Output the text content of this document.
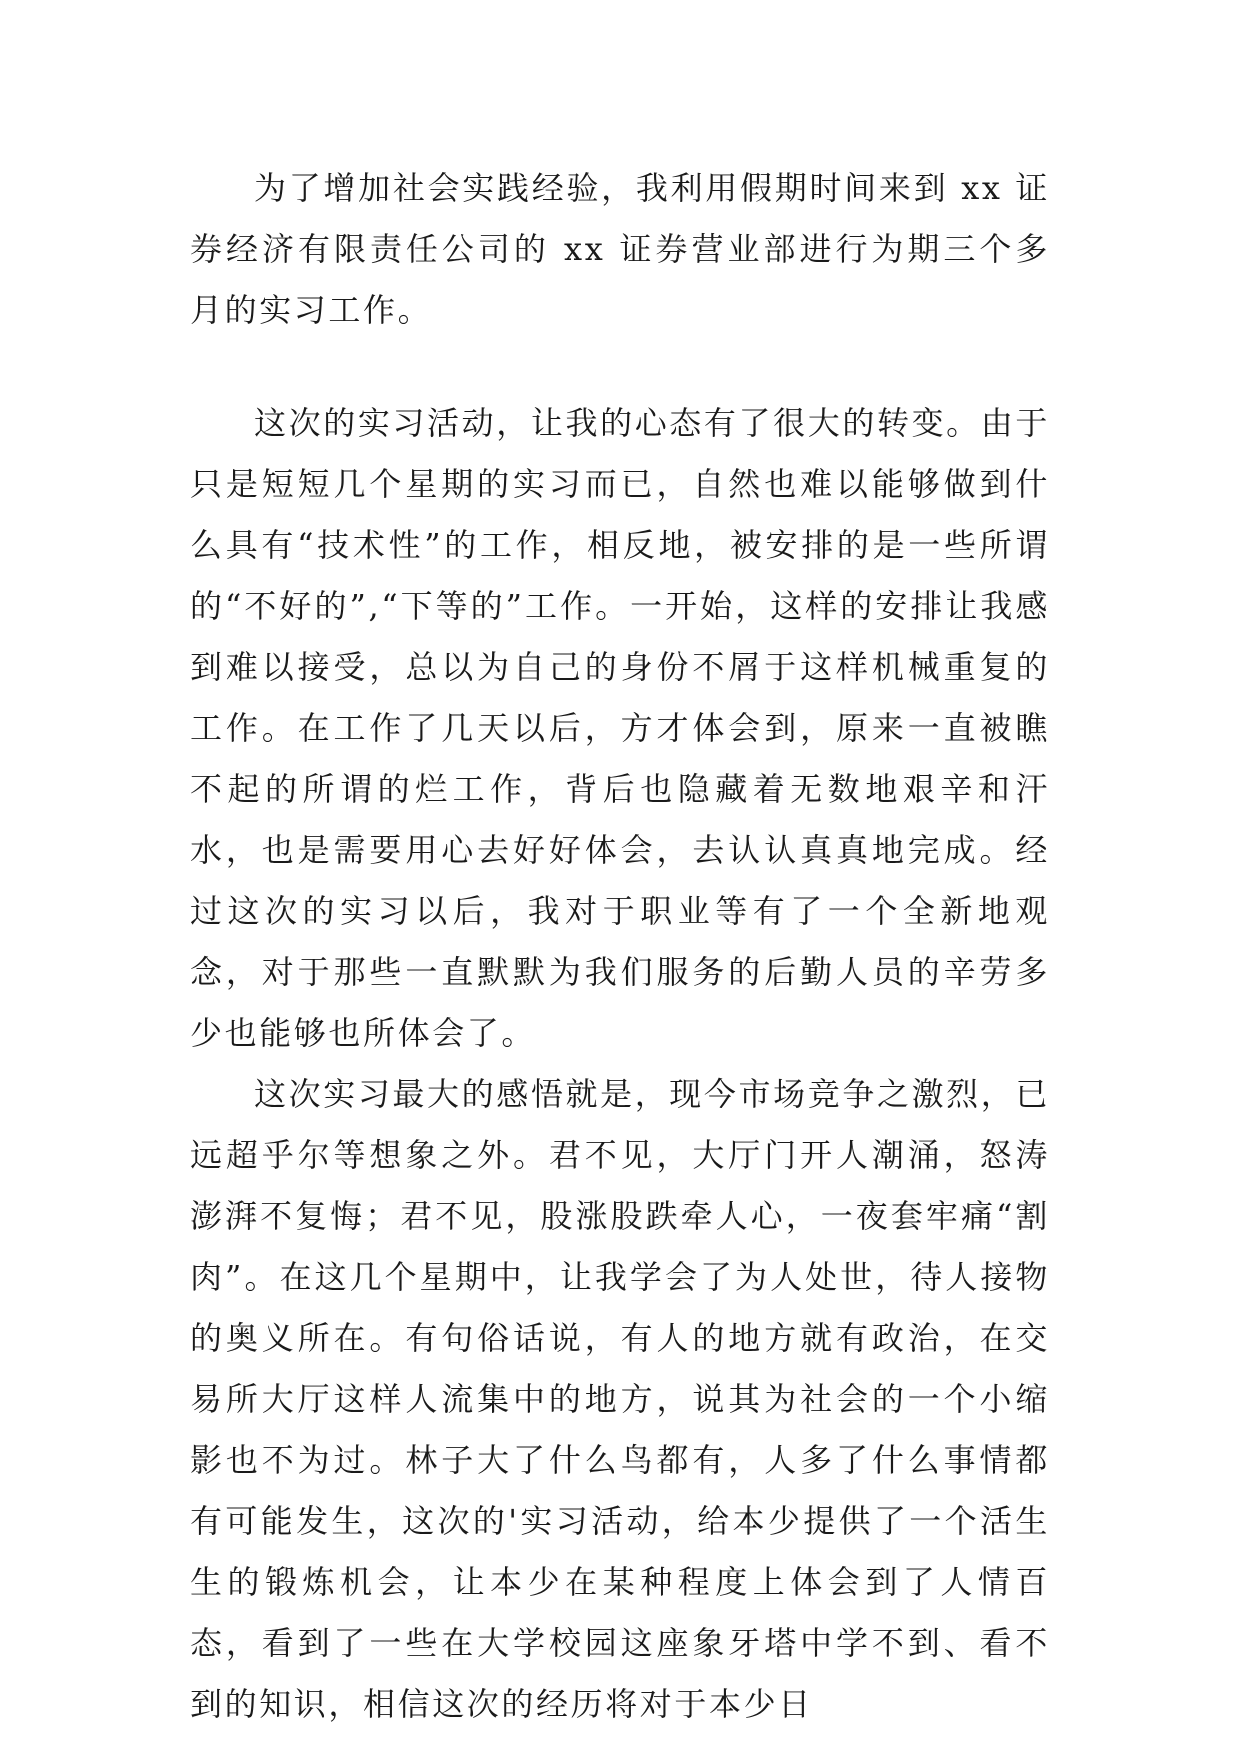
为了增加社会实践经验，我利用假期时间来到 xx 证券经济有限责任公司的 xx 证券营业部进行为期三个多月的实习工作。

这次的实习活动，让我的心态有了很大的转变。由于只是短短几个星期的实习而已，自然也难以能够做到什么具有“技术性”的工作，相反地，被安排的是一些所谓的“不好的”,“下等的”工作。一开始，这样的安排让我感到难以接受，总以为自己的身份不屑于这样机械重复的工作。在工作了几天以后，方才体会到，原来一直被瞧不起的所谓的烂工作，背后也隐藏着无数地艰辛和汗水，也是需要用心去好好体会，去认认真真地完成。经过这次的实习以后，我对于职业等有了一个全新地观念，对于那些一直默默为我们服务的后勤人员的辛劳多少也能够也所体会了。

这次实习最大的感悟就是，现今市场竞争之激烈，已远超乎尔等想象之外。君不见，大厅门开人潮涌，怒涛澎湃不复悔；君不见，股涨股跌牵人心，一夜套牢痛“割肉”。在这几个星期中，让我学会了为人处世，待人接物的奥义所在。有句俗话说，有人的地方就有政治，在交易所大厅这样人流集中的地方，说其为社会的一个小缩影也不为过。林子大了什么鸟都有，人多了什么事情都有可能发生，这次的'实习活动，给本少提供了一个活生生的锻炼机会，让本少在某种程度上体会到了人情百态，看到了一些在大学校园这座象牙塔中学不到、看不到的知识，相信这次的经历将对于本少日
